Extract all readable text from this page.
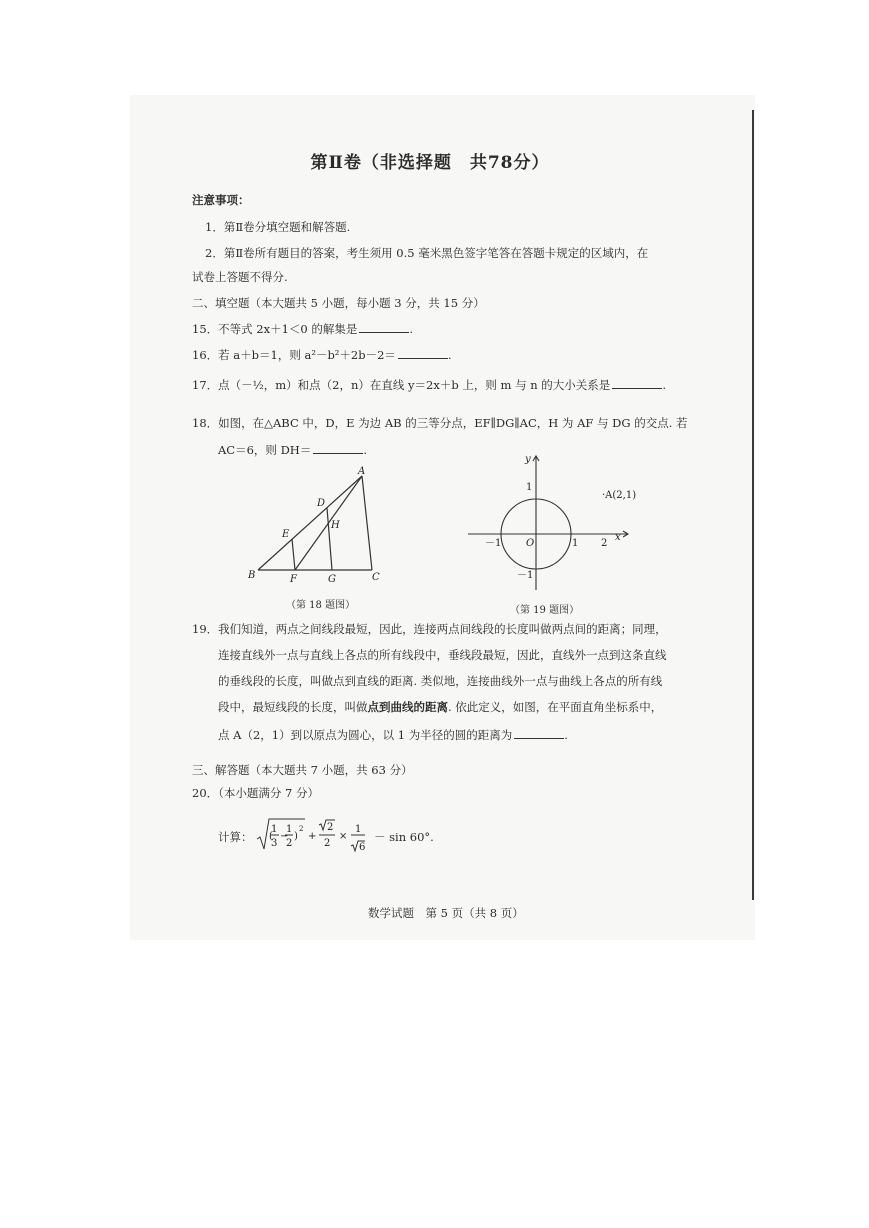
第Ⅱ卷（非选择题　共78分）
注意事项：
1．第Ⅱ卷分填空题和解答题.
2．第Ⅱ卷所有题目的答案，考生须用 0.5 毫米黑色签字笔答在答题卡规定的区域内，在
试卷上答题不得分.
二、填空题（本大题共 5 小题，每小题 3 分，共 15 分）
15．不等式 2x＋1＜0 的解集是	.
16．若 a＋b＝1，则 a²－b²＋2b－2＝	.
17．点（－½，m）和点（2，n）在直线 y＝2x＋b 上，则 m 与 n 的大小关系是	.
18．如图，在△ABC 中，D，E 为边 AB 的三等分点，EF∥DG∥AC，H 为 AF 与 DG 的交点. 若
AC＝6，则 DH＝	.
A
B	C
D
E
F	G
H
（第 18 题图）
y
x
1
－1 O	1 2
－1
·A(2,1)
（第 19 题图）
19．我们知道，两点之间线段最短，因此，连接两点间线段的长度叫做两点间的距离；同理，
连接直线外一点与直线上各点的所有线段中，垂线段最短，因此，直线外一点到这条直线
的垂线段的长度，叫做点到直线的距离. 类似地，连接曲线外一点与曲线上各点的所有线
段中，最短线段的长度，叫做点到曲线的距离. 依此定义，如图，在平面直角坐标系中，
点 A（2，1）到以原点为圆心，以 1 为半径的圆的距离为	.
三、解答题（本大题共 7 小题，共 63 分）
20．（本小题满分 7 分）
计算：
1
3
−
1
2
( )
2
+
2
2
×
1
6
－ sin 60°.
数学试题　第 5 页（共 8 页）
